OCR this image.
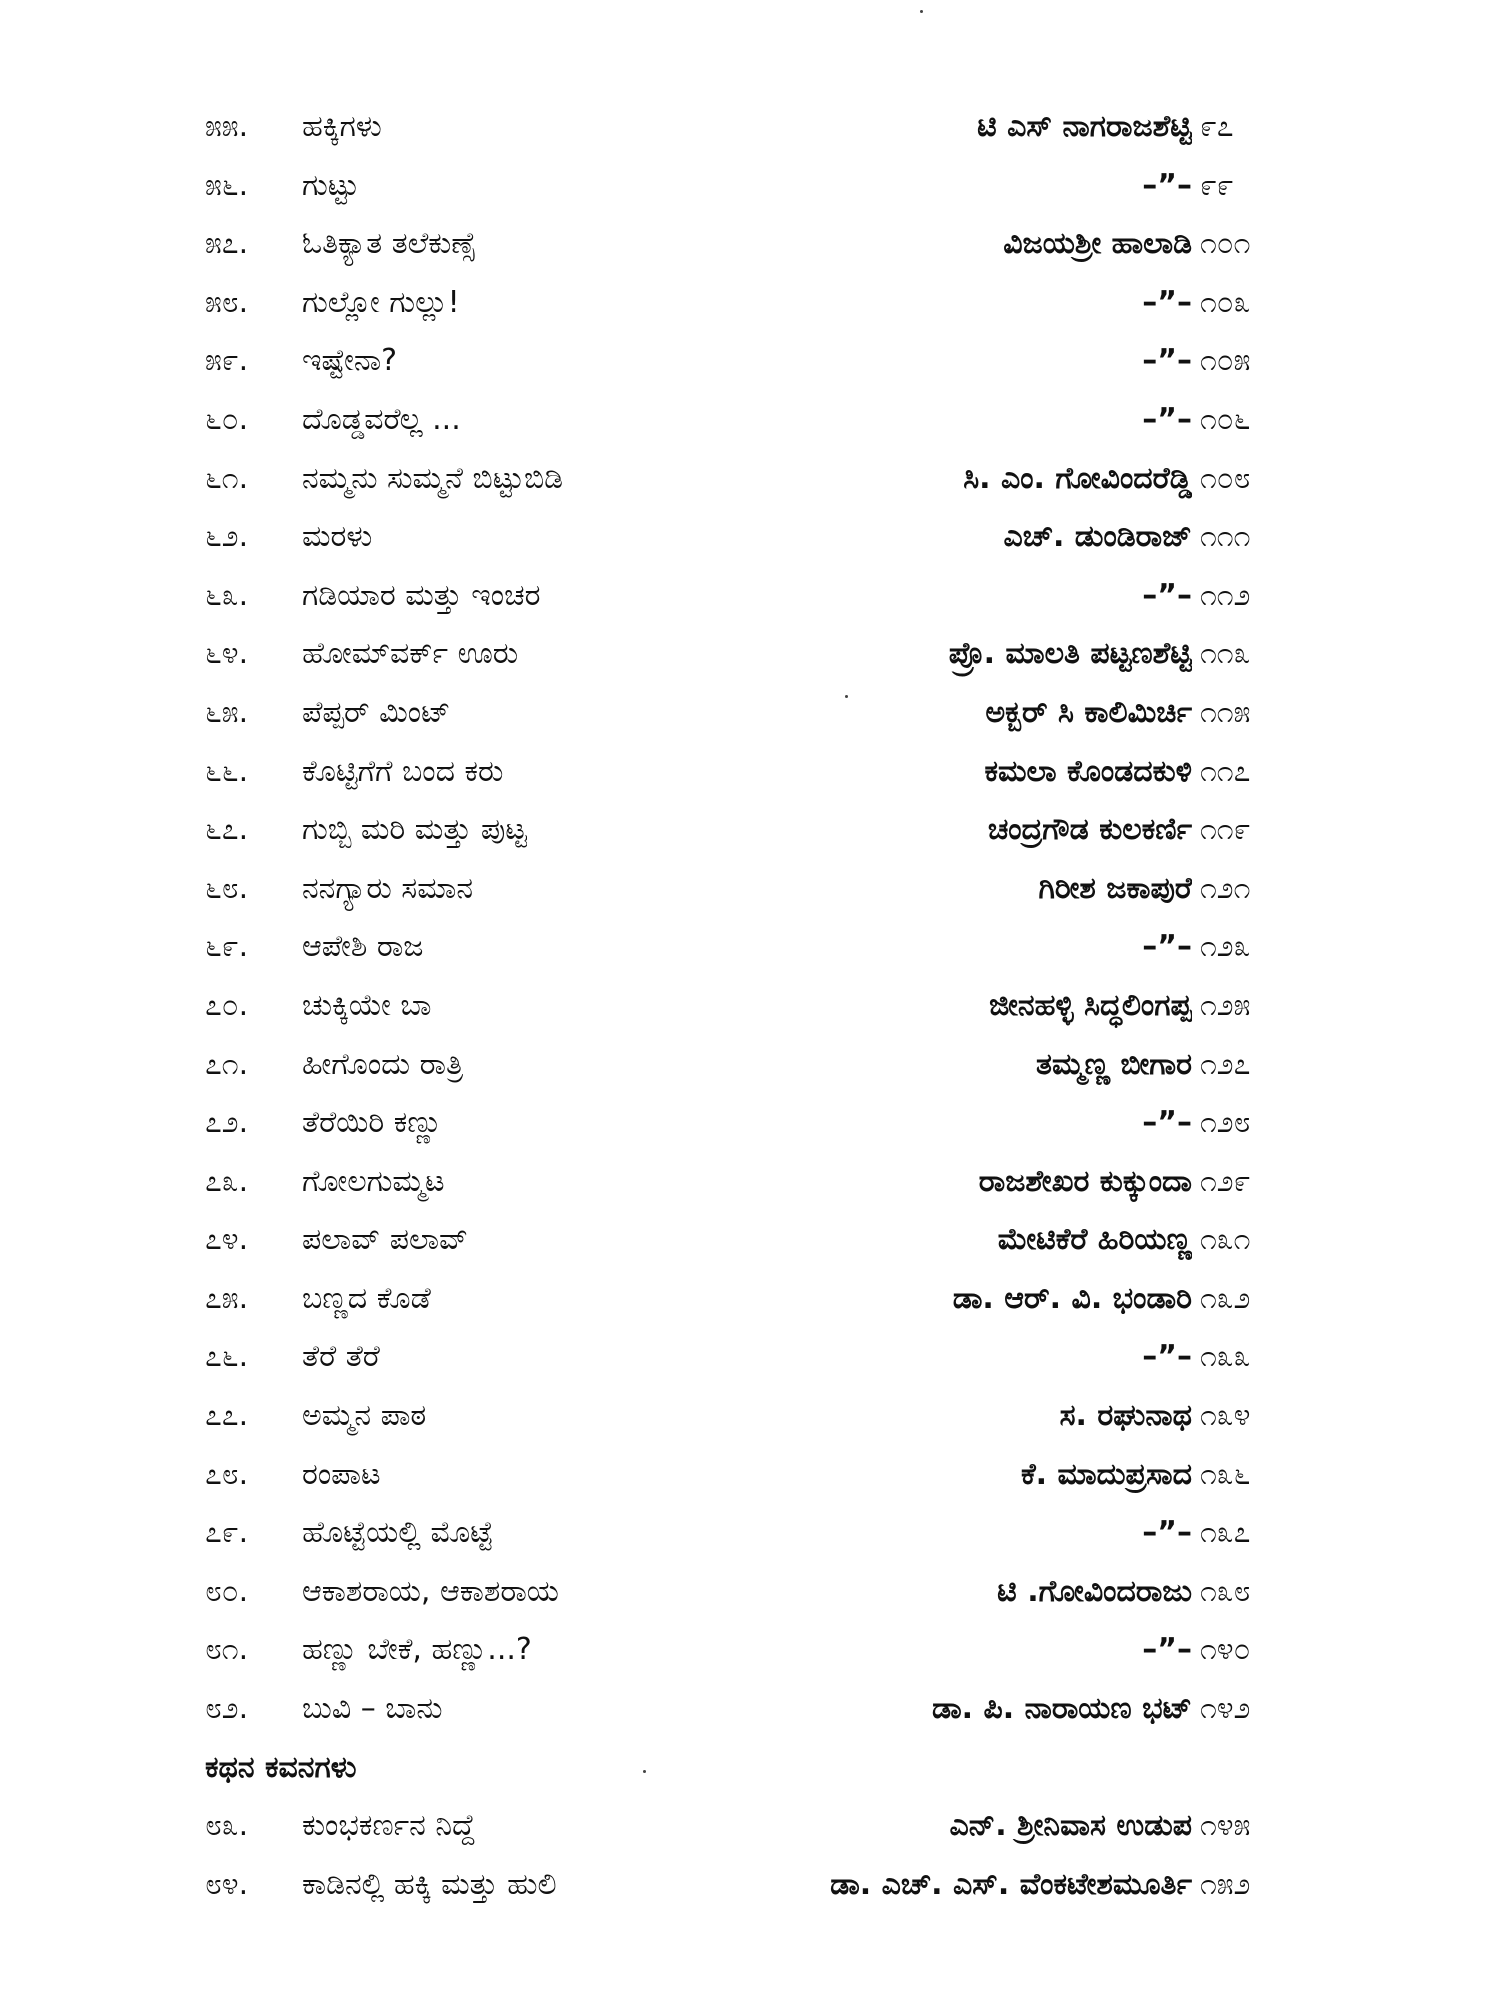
೫೫.	ಹಕ್ಕಿಗಳು	ಟಿ ಎಸ್ ನಾಗರಾಜಶೆಟ್ಟಿ ೯೭
೫೬.	ಗುಟ್ಟು	–”– ೯೯
೫೭.	ಓತಿಕ್ಯಾತ ತಲೆಕುಣ್ಸೆ	ವಿಜಯಶ್ರೀ ಹಾಲಾಡಿ ೧೦೧
೫೮.	ಗುಲ್ಲೋ ಗುಲ್ಲು!	–”– ೧೦೩
೫೯.	ಇಷ್ಟೇನಾ?	–”– ೧೦೫
೬೦.	ದೊಡ್ಡವರೆಲ್ಲ ...	–”– ೧೦೬
೬೧.	ನಮ್ಮನು ಸುಮ್ಮನೆ ಬಿಟ್ಟುಬಿಡಿ	ಸಿ. ಎಂ. ಗೋವಿಂದರೆಡ್ಡಿ ೧೦೮
೬೨.	ಮರಳು	ಎಚ್. ಡುಂಡಿರಾಜ್ ೧೧೧
೬೩.	ಗಡಿಯಾರ ಮತ್ತು ಇಂಚರ	–”– ೧೧೨
೬೪.	ಹೋಮ್‌ವರ್ಕ್ ಊರು	ಪ್ರೊ. ಮಾಲತಿ ಪಟ್ಟಣಶೆಟ್ಟಿ ೧೧೩
೬೫.	ಪೆಪ್ಪರ್ ಮಿಂಟ್	ಅಕ್ಬರ್ ಸಿ ಕಾಲಿಮಿರ್ಚಿ ೧೧೫
೬೬.	ಕೊಟ್ಟಿಗೆಗೆ ಬಂದ ಕರು	ಕಮಲಾ ಕೊಂಡದಕುಳಿ ೧೧೭
೬೭.	ಗುಬ್ಬಿ ಮರಿ ಮತ್ತು ಪುಟ್ಟ	ಚಂದ್ರಗೌಡ ಕುಲಕರ್ಣಿ ೧೧೯
೬೮.	ನನಗ್ಯಾರು ಸಮಾನ	ಗಿರೀಶ ಜಕಾಪುರೆ ೧೨೧
೬೯.	ಆಪೇಶಿ ರಾಜ	–”– ೧೨೩
೭೦.	ಚುಕ್ಕಿಯೇ ಬಾ	ಜೀನಹಳ್ಳಿ ಸಿದ್ಧಲಿಂಗಪ್ಪ ೧೨೫
೭೧.	ಹೀಗೊಂದು ರಾತ್ರಿ	ತಮ್ಮಣ್ಣ ಬೀಗಾರ ೧೨೭
೭೨.	ತೆರೆಯಿರಿ ಕಣ್ಣು	–”– ೧೨೮
೭೩.	ಗೋಲಗುಮ್ಮಟ	ರಾಜಶೇಖರ ಕುಕ್ಕುಂದಾ ೧೨೯
೭೪.	ಪಲಾವ್ ಪಲಾವ್	ಮೇಟಿಕೆರೆ ಹಿರಿಯಣ್ಣ ೧೩೧
೭೫.	ಬಣ್ಣದ ಕೊಡೆ	ಡಾ. ಆರ್. ವಿ. ಭಂಡಾರಿ ೧೩೨
೭೬.	ತೆರೆ ತೆರೆ	–”– ೧೩೩
೭೭.	ಅಮ್ಮನ ಪಾಠ	ಸ. ರಘುನಾಥ ೧೩೪
೭೮.	ರಂಪಾಟ	ಕೆ. ಮಾದುಪ್ರಸಾದ ೧೩೬
೭೯.	ಹೊಟ್ಟೆಯಲ್ಲಿ ಮೊಟ್ಟೆ	–”– ೧೩೭
೮೦.	ಆಕಾಶರಾಯ, ಆಕಾಶರಾಯ	ಟಿ .ಗೋವಿಂದರಾಜು ೧೩೮
೮೧.	ಹಣ್ಣು ಬೇಕೆ, ಹಣ್ಣು...?	–”– ೧೪೦
೮೨.	ಬುವಿ – ಬಾನು	ಡಾ. ಪಿ. ನಾರಾಯಣ ಭಟ್ ೧೪೨
ಕಥನ ಕವನಗಳು
೮೩.	ಕುಂಭಕರ್ಣನ ನಿದ್ದೆ	ಎನ್. ಶ್ರೀನಿವಾಸ ಉಡುಪ ೧೪೫
೮೪.	ಕಾಡಿನಲ್ಲಿ ಹಕ್ಕಿ ಮತ್ತು ಹುಲಿ	ಡಾ. ಎಚ್. ಎಸ್. ವೆಂಕಟೇಶಮೂರ್ತಿ ೧೫೨
